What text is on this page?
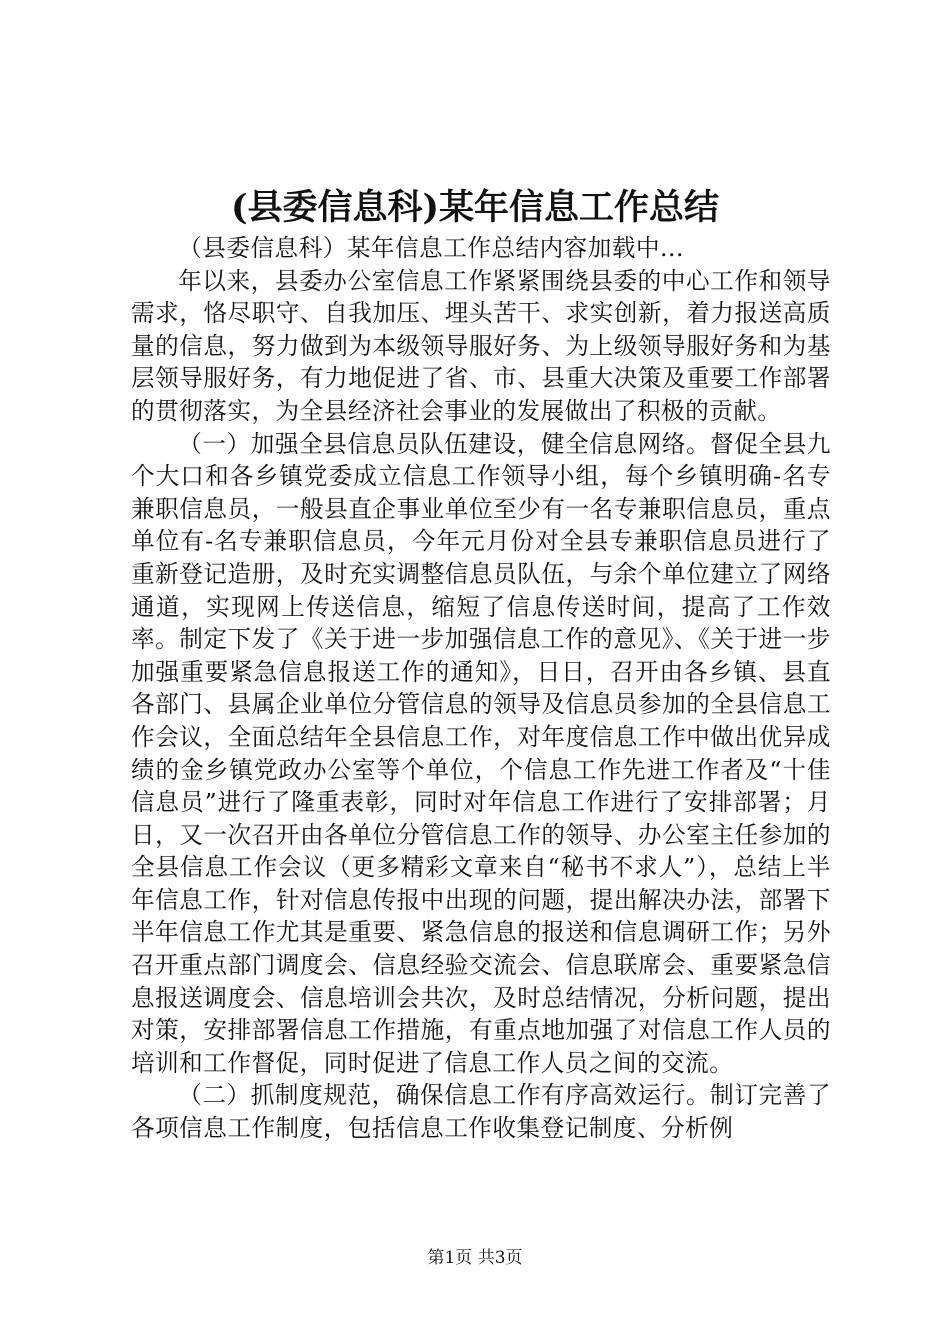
(县委信息科)某年信息工作总结

（县委信息科）某年信息工作总结内容加载中...

年以来，县委办公室信息工作紧紧围绕县委的中心工作和领导需求，恪尽职守、自我加压、埋头苦干、求实创新，着力报送高质量的信息，努力做到为本级领导服好务、为上级领导服好务和为基层领导服好务，有力地促进了省、市、县重大决策及重要工作部署的贯彻落实，为全县经济社会事业的发展做出了积极的贡献。

（一）加强全县信息员队伍建设，健全信息网络。督促全县九个大口和各乡镇党委成立信息工作领导小组，每个乡镇明确-名专兼职信息员，一般县直企事业单位至少有一名专兼职信息员，重点单位有-名专兼职信息员，今年元月份对全县专兼职信息员进行了重新登记造册，及时充实调整信息员队伍，与余个单位建立了网络通道，实现网上传送信息，缩短了信息传送时间，提高了工作效率。制定下发了《关于进一步加强信息工作的意见》、《关于进一步加强重要紧急信息报送工作的通知》，日日，召开由各乡镇、县直各部门、县属企业单位分管信息的领导及信息员参加的全县信息工作会议，全面总结年全县信息工作，对年度信息工作中做出优异成绩的金乡镇党政办公室等个单位，个信息工作先进工作者及“十佳信息员”进行了隆重表彰，同时对年信息工作进行了安排部署；月日，又一次召开由各单位分管信息工作的领导、办公室主任参加的全县信息工作会议（更多精彩文章来自“秘书不求人”），总结上半年信息工作，针对信息传报中出现的问题，提出解决办法，部署下半年信息工作尤其是重要、紧急信息的报送和信息调研工作；另外召开重点部门调度会、信息经验交流会、信息联席会、重要紧急信息报送调度会、信息培训会共次，及时总结情况，分析问题，提出对策，安排部署信息工作措施，有重点地加强了对信息工作人员的培训和工作督促，同时促进了信息工作人员之间的交流。

（二）抓制度规范，确保信息工作有序高效运行。制订完善了各项信息工作制度，包括信息工作收集登记制度、分析例

第1页 共3页
